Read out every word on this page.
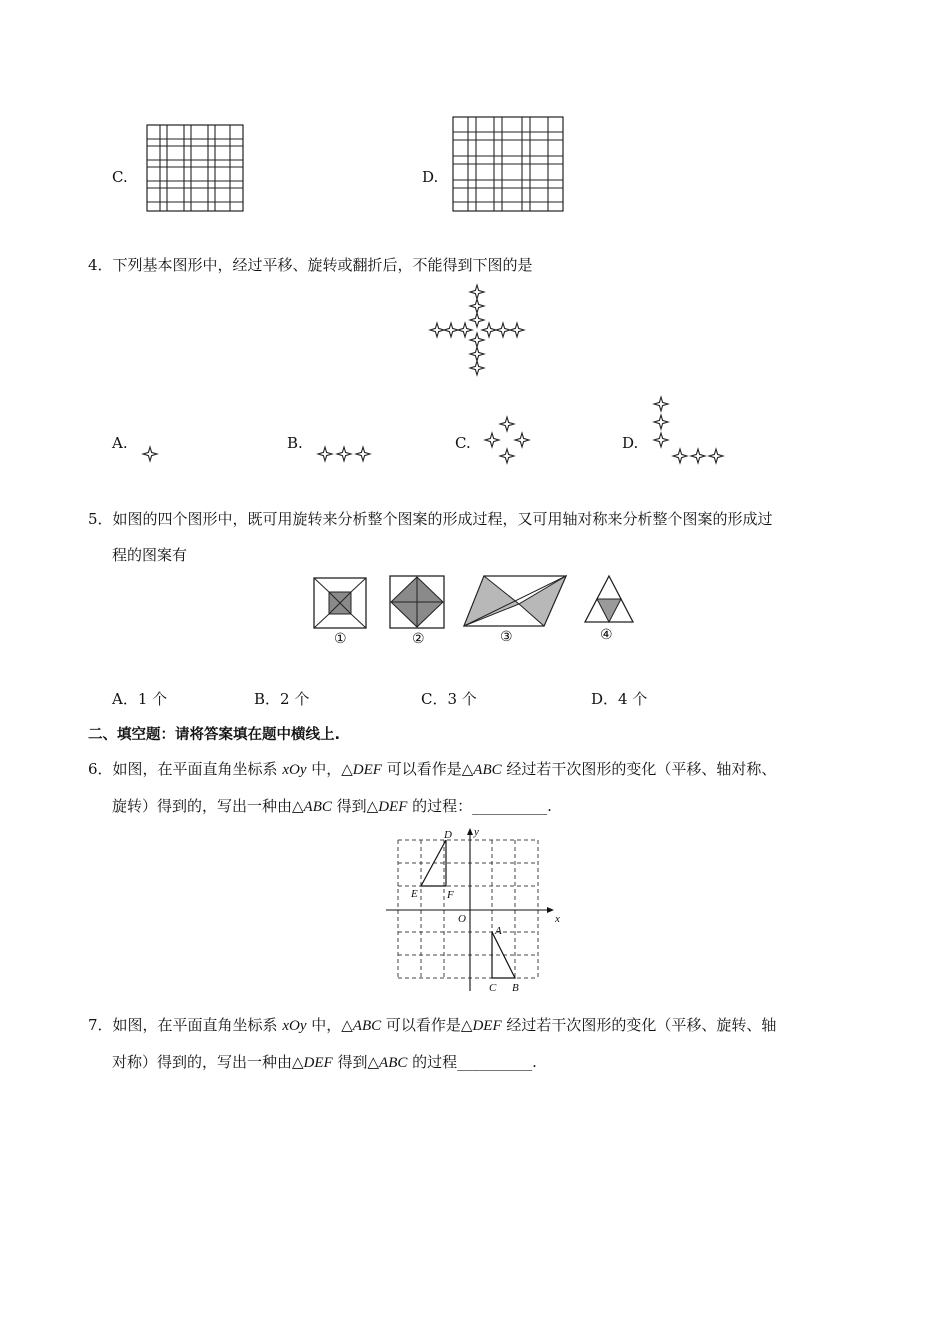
C.	D.
4．下列基本图形中，经过平移、旋转或翻折后，不能得到下图的是
A.	B.	C.	D.
5．如图的四个图形中，既可用旋转来分析整个图案的形成过程，又可用轴对称来分析整个图案的形成过
程的图案有
①	②	③	④
A．1 个	B．2 个	C．3 个	D．4 个
二、填空题：请将答案填在题中横线上.
6．如图，在平面直角坐标系 xOy 中，△DEF 可以看作是△ABC 经过若干次图形的变化（平移、轴对称、
旋转）得到的，写出一种由△ABC 得到△DEF 的过程：__________.
D
E	F
O
A
C B
x
y
7．如图，在平面直角坐标系 xOy 中，△ABC 可以看作是△DEF 经过若干次图形的变化（平移、旋转、轴
对称）得到的，写出一种由△DEF 得到△ABC 的过程__________.
